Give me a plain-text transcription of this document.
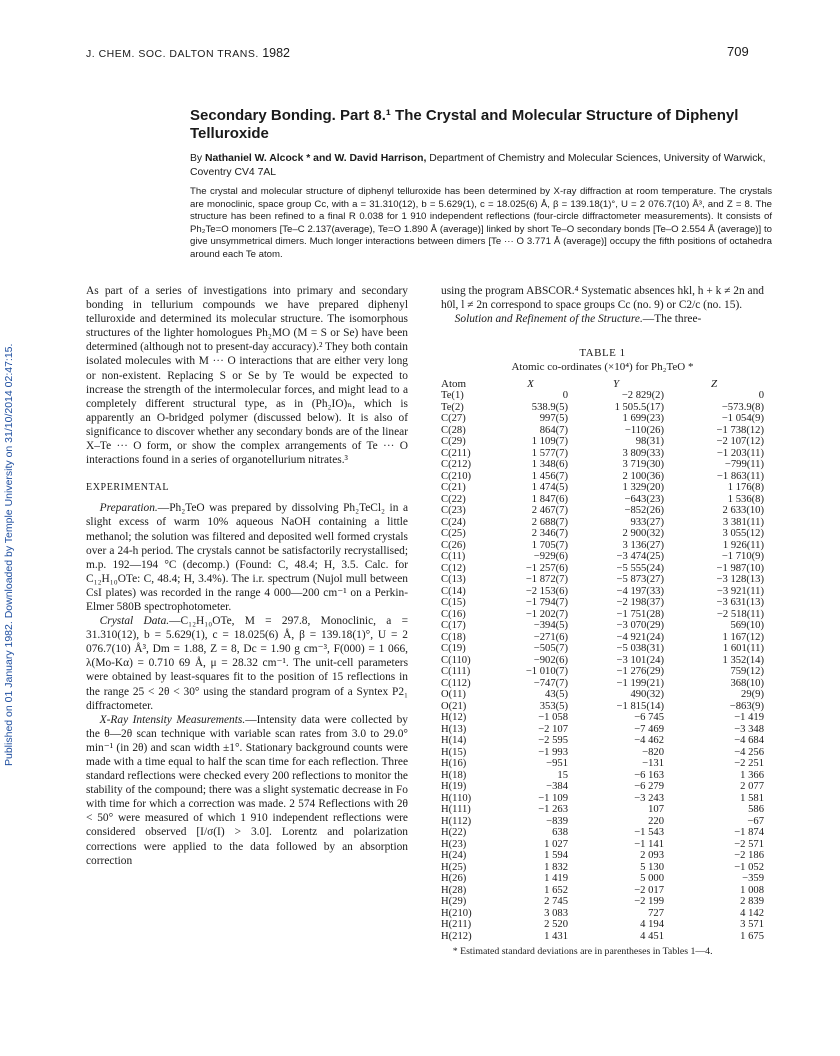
J. CHEM. SOC. DALTON TRANS. 1982	709
Published on 01 January 1982. Downloaded by Temple University on 31/10/2014 02:47:15.
Secondary Bonding. Part 8.¹ The Crystal and Molecular Structure of Diphenyl Telluroxide
By Nathaniel W. Alcock * and W. David Harrison, Department of Chemistry and Molecular Sciences, University of Warwick, Coventry CV4 7AL
The crystal and molecular structure of diphenyl telluroxide has been determined by X-ray diffraction at room temperature. The crystals are monoclinic, space group Cc, with a = 31.310(12), b = 5.629(1), c = 18.025(6) Å, β = 139.18(1)°, U = 2 076.7(10) Å³, and Z = 8. The structure has been refined to a final R 0.038 for 1 910 independent reflections (four-circle diffractometer measurements). It consists of Ph₂Te=O monomers [Te–C 2.137(average), Te=O 1.890 Å (average)] linked by short Te–O secondary bonds [Te–O 2.554 Å (average)] to give unsymmetrical dimers. Much longer interactions between dimers [Te ··· O 3.771 Å (average)] occupy the fifth positions of octahedra around each Te atom.

As part of a series of investigations into primary and secondary bonding in tellurium compounds we have prepared diphenyl telluroxide and determined its molecular structure. The isomorphous structures of the lighter homologues Ph₂MO (M = S or Se) have been determined (although not to present-day accuracy).² They both contain isolated molecules with M ··· O interactions that are either very long or non-existent. Replacing S or Se by Te would be expected to increase the strength of the intermolecular forces, and might lead to a completely different structural type, as in (Ph₂IO)ₙ, which is apparently an O-bridged polymer (discussed below). It is also of significance to discover whether any secondary bonds are of the linear X–Te ··· O form, or show the complex arrangements of Te ··· O interactions found in a series of organotellurium nitrates.³

EXPERIMENTAL

Preparation.—Ph₂TeO was prepared by dissolving Ph₂TeCl₂ in a slight excess of warm 10% aqueous NaOH containing a little methanol; the solution was filtered and deposited well formed crystals over a 24-h period. The crystals cannot be satisfactorily recrystallised; m.p. 192—194 °C (decomp.) (Found: C, 48.4; H, 3.5. Calc. for C₁₂H₁₀OTe: C, 48.4; H, 3.4%). The i.r. spectrum (Nujol mull between CsI plates) was recorded in the range 4 000—200 cm⁻¹ on a Perkin-Elmer 580B spectrophotometer.

Crystal Data.—C₁₂H₁₀OTe, M = 297.8, Monoclinic, a = 31.310(12), b = 5.629(1), c = 18.025(6) Å, β = 139.18(1)°, U = 2 076.7(10) Å³, Dm = 1.88, Z = 8, Dc = 1.90 g cm⁻³, F(000) = 1 066, λ(Mo-Kα) = 0.710 69 Å, μ = 28.32 cm⁻¹. The unit-cell parameters were obtained by least-squares fit to the position of 15 reflections in the range 25 < 2θ < 30° using the standard program of a Syntex P2₁ diffractometer.

X-Ray Intensity Measurements.—Intensity data were collected by the θ—2θ scan technique with variable scan rates from 3.0 to 29.0° min⁻¹ (in 2θ) and scan width ±1°. Stationary background counts were made with a time equal to half the scan time for each reflection. Three standard reflections were checked every 200 reflections to monitor the stability of the compound; there was a slight systematic decrease in Fo with time for which a correction was made. 2 574 Reflections with 2θ < 50° were measured of which 1 910 independent reflections were considered observed [I/σ(I) > 3.0]. Lorentz and polarization corrections were applied to the data followed by an absorption correction

using the program ABSCOR.⁴ Systematic absences hkl, h + k ≠ 2n and h0l, l ≠ 2n correspond to space groups Cc (no. 9) or C2/c (no. 15).

Solution and Refinement of the Structure.—The three-

TABLE 1
Atomic co-ordinates (×10⁴) for Ph₂TeO *
Atom	X	Y	Z
Te(1)	0	−2 829(2)	0
Te(2)	538.9(5)	1 505.5(17)	−573.9(8)
C(27)	997(5)	1 699(23)	−1 054(9)
C(28)	864(7)	−110(26)	−1 738(12)
C(29)	1 109(7)	98(31)	−2 107(12)
C(211)	1 577(7)	3 809(33)	−1 203(11)
C(212)	1 348(6)	3 719(30)	−799(11)
C(210)	1 456(7)	2 100(36)	−1 863(11)
C(21)	1 474(5)	1 329(20)	1 176(8)
C(22)	1 847(6)	−643(23)	1 536(8)
C(23)	2 467(7)	−852(26)	2 633(10)
C(24)	2 688(7)	933(27)	3 381(11)
C(25)	2 346(7)	2 900(32)	3 055(12)
C(26)	1 705(7)	3 136(27)	1 926(11)
C(11)	−929(6)	−3 474(25)	−1 710(9)
C(12)	−1 257(6)	−5 555(24)	−1 987(10)
C(13)	−1 872(7)	−5 873(27)	−3 128(13)
C(14)	−2 153(6)	−4 197(33)	−3 921(11)
C(15)	−1 794(7)	−2 198(37)	−3 631(13)
C(16)	−1 202(7)	−1 751(28)	−2 518(11)
C(17)	−394(5)	−3 070(29)	569(10)
C(18)	−271(6)	−4 921(24)	1 167(12)
C(19)	−505(7)	−5 038(31)	1 601(11)
C(110)	−902(6)	−3 101(24)	1 352(14)
C(111)	−1 010(7)	−1 276(29)	759(12)
C(112)	−747(7)	−1 199(21)	368(10)
O(11)	43(5)	490(32)	29(9)
O(21)	353(5)	−1 815(14)	−863(9)
H(12)	−1 058	−6 745	−1 419
H(13)	−2 107	−7 469	−3 348
H(14)	−2 595	−4 462	−4 684
H(15)	−1 993	−820	−4 256
H(16)	−951	−131	−2 251
H(18)	15	−6 163	1 366
H(19)	−384	−6 279	2 077
H(110)	−1 109	−3 243	1 581
H(111)	−1 263	107	586
H(112)	−839	220	−67
H(22)	638	−1 543	−1 874
H(23)	1 027	−1 141	−2 571
H(24)	1 594	2 093	−2 186
H(25)	1 832	5 130	−1 052
H(26)	1 419	5 000	−359
H(28)	1 652	−2 017	1 008
H(29)	2 745	−2 199	2 839
H(210)	3 083	727	4 142
H(211)	2 520	4 194	3 571
H(212)	1 431	4 451	1 675
* Estimated standard deviations are in parentheses in Tables 1—4.
